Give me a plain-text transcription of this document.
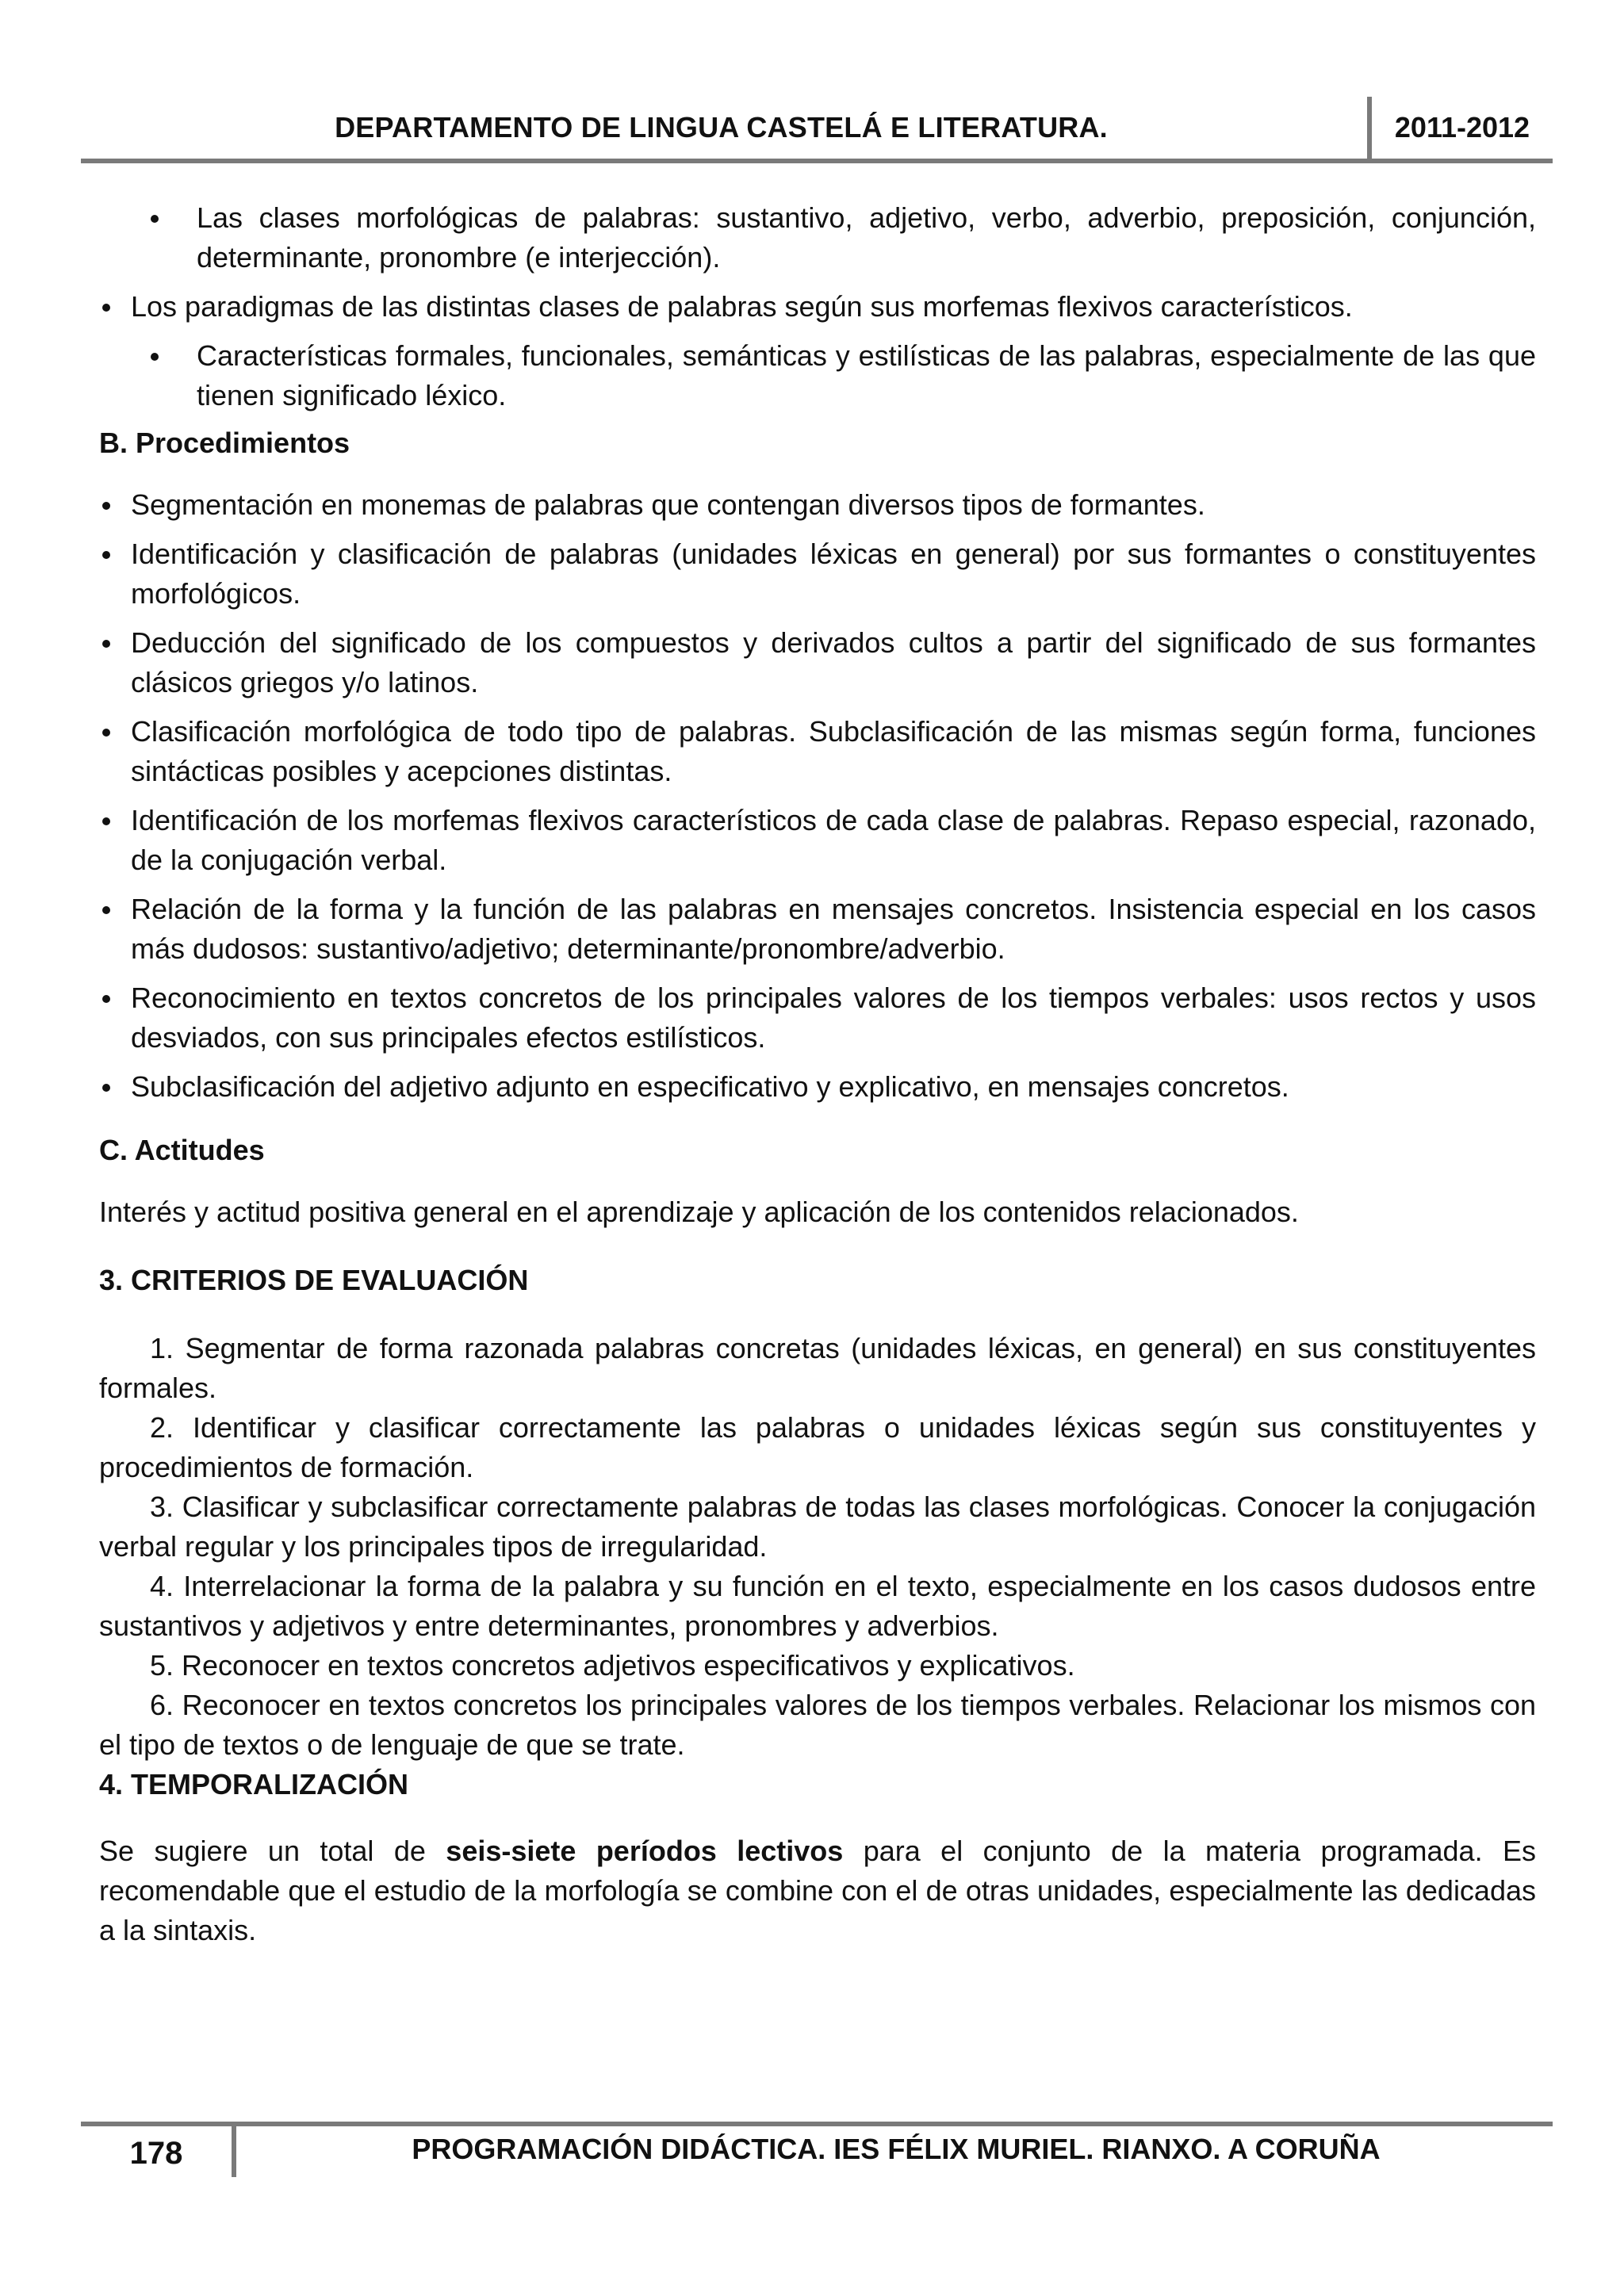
DEPARTAMENTO DE LINGUA CASTELÁ E LITERATURA.	2011-2012
Las clases morfológicas de palabras: sustantivo, adjetivo, verbo, adverbio, preposición, conjunción, determinante, pronombre (e interjección).
Los paradigmas de las distintas clases de palabras según sus morfemas flexivos característicos.
Características formales, funcionales, semánticas y estilísticas de las palabras, especialmente de las que tienen significado léxico.

B. Procedimientos

Segmentación en monemas de palabras que contengan diversos tipos de formantes.
Identificación y clasificación de palabras (unidades léxicas en general) por sus formantes o constituyentes morfológicos.
Deducción del significado de los compuestos y derivados cultos a partir del significado de sus formantes clásicos griegos y/o latinos.
Clasificación morfológica de todo tipo de palabras. Subclasificación de las mismas según forma, funciones sintácticas posibles y acepciones distintas.
Identificación de los morfemas flexivos característicos de cada clase de palabras. Repaso especial, razonado, de la conjugación verbal.
Relación de la forma y la función de las palabras en mensajes concretos. Insistencia especial en los casos más dudosos: sustantivo/adjetivo; determinante/pronombre/adverbio.
Reconocimiento en textos concretos de los principales valores de los tiempos verbales: usos rectos y usos desviados, con sus principales efectos estilísticos.
Subclasificación del adjetivo adjunto en especificativo y explicativo, en mensajes concretos.

C. Actitudes

Interés y actitud positiva general en el aprendizaje y aplicación de los contenidos relacionados.

3. CRITERIOS DE EVALUACIÓN

1. Segmentar de forma razonada palabras concretas (unidades léxicas, en general) en sus constituyentes formales.

2. Identificar y clasificar correctamente las palabras o unidades léxicas según sus constituyentes y procedimientos de formación.

3. Clasificar y subclasificar correctamente palabras de todas las clases morfológicas. Conocer la conjugación verbal regular y los principales tipos de irregularidad.

4. Interrelacionar la forma de la palabra y su función en el texto, especialmente en los casos dudosos entre sustantivos y adjetivos y entre determinantes, pronombres y adverbios.

5. Reconocer en textos concretos adjetivos especificativos y explicativos.

6. Reconocer en textos concretos los principales valores de los tiempos verbales. Relacionar los mismos con el tipo de textos o de lenguaje de que se trate.

4. TEMPORALIZACIÓN

Se sugiere un total de seis-siete períodos lectivos para el conjunto de la materia programada. Es recomendable que el estudio de la morfología se combine con el de otras unidades, especialmente las dedicadas a la sintaxis.

178	PROGRAMACIÓN DIDÁCTICA. IES FÉLIX MURIEL. RIANXO. A CORUÑA
